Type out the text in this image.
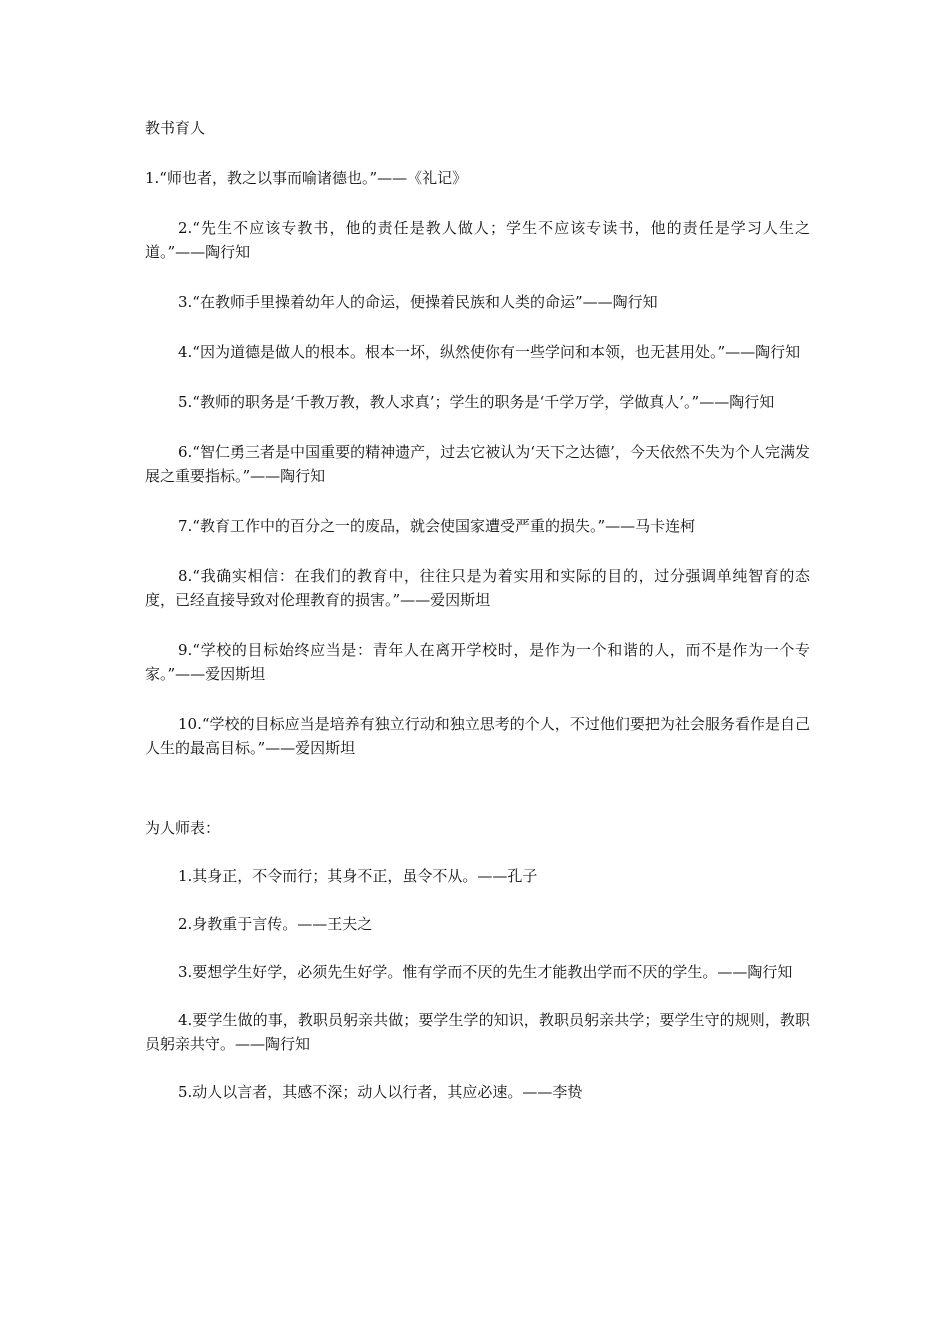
教书育人

1.“师也者，教之以事而喻诸德也。”——《礼记》

2.“先生不应该专教书，他的责任是教人做人；学生不应该专读书，他的责任是学习人生之道。”——陶行知

3.“在教师手里操着幼年人的命运，便操着民族和人类的命运”——陶行知

4.“因为道德是做人的根本。根本一坏，纵然使你有一些学问和本领，也无甚用处。”——陶行知

5.“教师的职务是‘千教万教，教人求真’；学生的职务是‘千学万学，学做真人’。”——陶行知

6.“智仁勇三者是中国重要的精神遗产，过去它被认为‘天下之达德’，今天依然不失为个人完满发展之重要指标。”——陶行知

7.“教育工作中的百分之一的废品，就会使国家遭受严重的损失。”——马卡连柯

8.“我确实相信：在我们的教育中，往往只是为着实用和实际的目的，过分强调单纯智育的态度，已经直接导致对伦理教育的损害。”——爱因斯坦

9.“学校的目标始终应当是：青年人在离开学校时，是作为一个和谐的人，而不是作为一个专家。”——爱因斯坦

10.“学校的目标应当是培养有独立行动和独立思考的个人，不过他们要把为社会服务看作是自己人生的最高目标。”——爱因斯坦

为人师表：

1.其身正，不令而行；其身不正，虽令不从。——孔子

2.身教重于言传。——王夫之

3.要想学生好学，必须先生好学。惟有学而不厌的先生才能教出学而不厌的学生。——陶行知

4.要学生做的事，教职员躬亲共做；要学生学的知识，教职员躬亲共学；要学生守的规则，教职员躬亲共守。——陶行知

5.动人以言者，其感不深；动人以行者，其应必速。——李贽
